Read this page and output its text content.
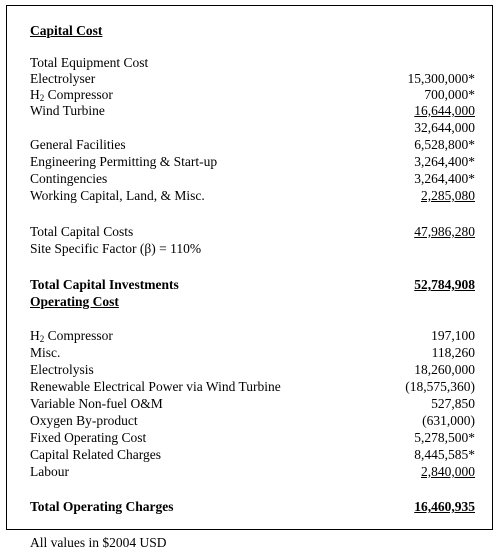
Capital Cost
Total Equipment Cost
Electrolyser	15,300,000*
$H_2$ Compressor	700,000*
Wind Turbine	16,644,000
32,644,000
General Facilities	6,528,800*
Engineering Permitting & Start-up	3,264,400*
Contingencies	3,264,400*
Working Capital, Land, & Misc.	2,285,080
Total Capital Costs	47,986,280
Site Specific Factor (β) = 110%
Total Capital Investments	52,784,908
Operating Cost
$H_2$ Compressor	197,100
Misc.	118,260
Electrolysis	18,260,000
Renewable Electrical Power via Wind Turbine	(18,575,360)
Variable Non-fuel O&M	527,850
Oxygen By-product	(631,000)
Fixed Operating Cost	5,278,500*
Capital Related Charges	8,445,585*
Labour	2,840,000
Total Operating Charges	16,460,935
All values in $2004 USD
